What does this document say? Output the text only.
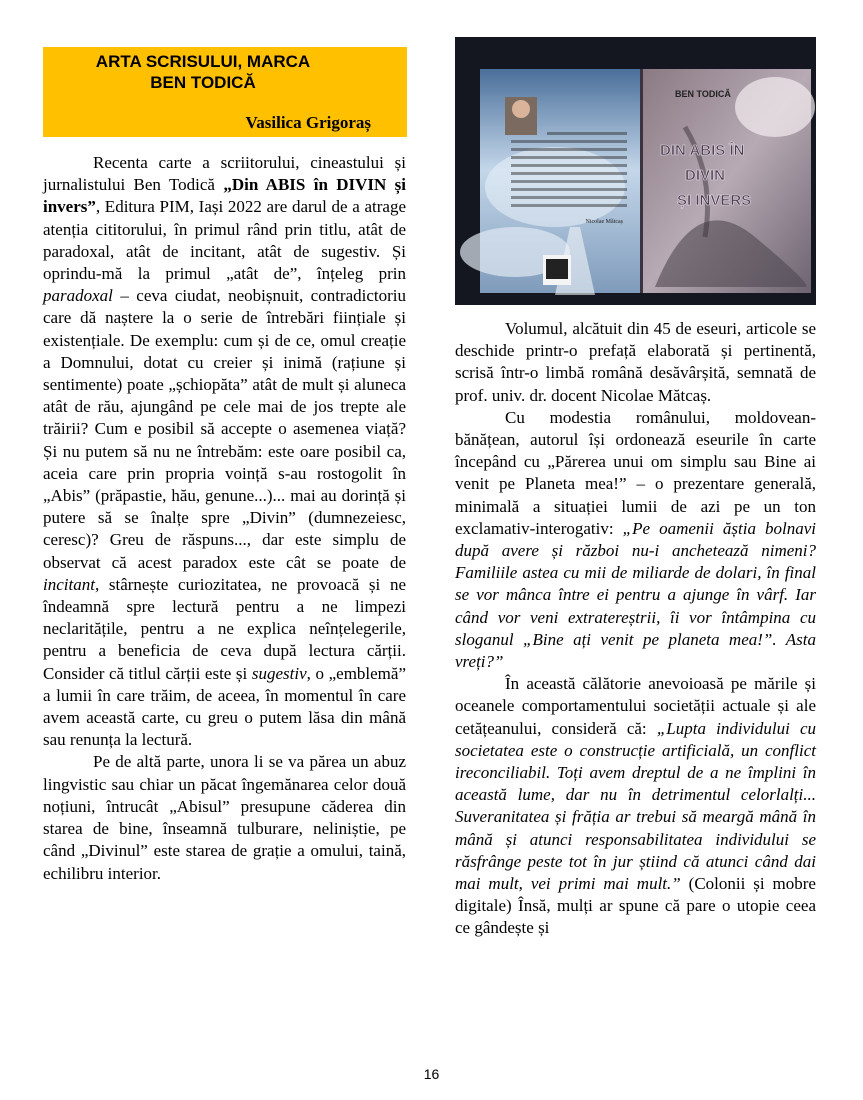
ARTA SCRISULUI, MARCA
BEN TODICĂ
Vasilica Grigoraș
Nicolae Mătcaș
BEN TODICĂ
DIN ABIS ÎN DIVIN ȘI INVERS

Recenta carte a scriitorului, cineastului și jurnalistului Ben Todică „Din ABIS în DIVIN și invers”, Editura PIM, Iași 2022 are darul de a atrage atenția cititorului, în primul rând prin titlu, atât de paradoxal, atât de incitant, atât de sugestiv. Și oprindu-mă la primul „atât de”, înțeleg prin paradoxal – ceva ciudat, neobișnuit, contradictoriu care dă naștere la o serie de întrebări ființiale și existențiale. De exemplu: cum și de ce, omul creație a Domnului, dotat cu creier și inimă (rațiune și sentimente) poate „șchiopăta” atât de mult și aluneca atât de rău, ajungând pe cele mai de jos trepte ale trăirii? Cum e posibil să accepte o asemenea viață? Și nu putem să nu ne întrebăm: este oare posibil ca, aceia care prin propria voință s-au rostogolit în „Abis” (prăpastie, hău, genune...)... mai au dorință și putere să se înalțe spre „Divin” (dumnezeiesc, ceresc)? Greu de răspuns..., dar este simplu de observat că acest paradox este cât se poate de incitant, stârnește curiozitatea, ne provoacă și ne îndeamnă spre lectură pentru a ne limpezi neclaritățile, pentru a ne explica neînțelegerile, pentru a beneficia de ceva după lectura cărții. Consider că titlul cărții este și sugestiv, o „emblemă” a lumii în care trăim, de aceea, în momentul în care avem această carte, cu greu o putem lăsa din mână sau renunța la lectură.

Pe de altă parte, unora li se va părea un abuz lingvistic sau chiar un păcat îngemănarea celor două noțiuni, întrucât „Abisul” presupune căderea din starea de bine, înseamnă tulburare, neliniștie, pe când „Divinul” este starea de grație a omului, taină, echilibru interior.

Volumul, alcătuit din 45 de eseuri, articole se deschide printr-o prefață elaborată și pertinentă, scrisă într-o limbă română desăvârșită, semnată de prof. univ. dr. docent Nicolae Mătcaș.

Cu modestia românului, moldovean-bănățean, autorul își ordonează eseurile în carte începând cu „Părerea unui om simplu sau Bine ai venit pe Planeta mea!” – o prezentare generală, minimală a situației lumii de azi pe un ton exclamativ-interogativ: „Pe oamenii ăștia bolnavi după avere și război nu-i anchetează nimeni? Familiile astea cu mii de miliarde de dolari, în final se vor mânca între ei pentru a ajunge în vârf. Iar când vor veni extratereștrii, îi vor întâmpina cu sloganul „Bine ați venit pe planeta mea!”. Asta vreți?”

În această călătorie anevoioasă pe mările și oceanele comportamentului societății actuale și ale cetățeanului, consideră că: „Lupta individului cu societatea este o construcție artificială, un conflict ireconciliabil. Toți avem dreptul de a ne împlini în această lume, dar nu în detrimentul celorlalți... Suveranitatea și frăția ar trebui să meargă mână în mână și atunci responsabilitatea individului se răsfrânge peste tot în jur știind că atunci când dai mai mult, vei primi mai mult.” (Colonii și mobre digitale) Însă, mulți ar spune că pare o utopie ceea ce gândește și

16
